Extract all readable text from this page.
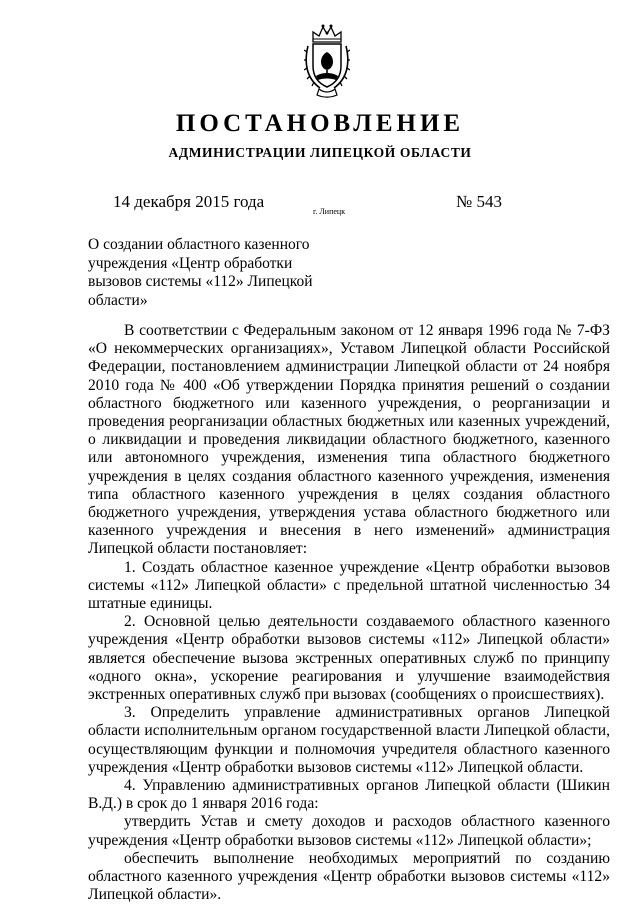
ПОСТАНОВЛЕНИЕ
АДМИНИСТРАЦИИ ЛИПЕЦКОЙ ОБЛАСТИ
14 декабря 2015 года
г. Липецк
№ 543
О создании областного казенного учреждения «Центр обработки вызовов системы «112» Липецкой области»

В соответствии с Федеральным законом от 12 января 1996 года № 7-ФЗ «О некоммерческих организациях», Уставом Липецкой области Российской Федерации, постановлением администрации Липецкой области от 24 ноября 2010 года № 400 «Об утверждении Порядка принятия решений о создании областного бюджетного или казенного учреждения, о реорганизации и проведения реорганизации областных бюджетных или казенных учреждений, о ликвидации и проведения ликвидации областного бюджетного, казенного или автономного учреждения, изменения типа областного бюджетного учреждения в целях создания областного казенного учреждения, изменения типа областного казенного учреждения в целях создания областного бюджетного учреждения, утверждения устава областного бюджетного или казенного учреждения и внесения в него изменений» администрация Липецкой области постановляет:

1. Создать областное казенное учреждение «Центр обработки вызовов системы «112» Липецкой области» с предельной штатной численностью 34 штатные единицы.

2. Основной целью деятельности создаваемого областного казенного учреждения «Центр обработки вызовов системы «112» Липецкой области» является обеспечение вызова экстренных оперативных служб по принципу «одного окна», ускорение реагирования и улучшение взаимодействия экстренных оперативных служб при вызовах (сообщениях о происшествиях).

3. Определить управление административных органов Липецкой области исполнительным органом государственной власти Липецкой области, осуществляющим функции и полномочия учредителя областного казенного учреждения «Центр обработки вызовов системы «112» Липецкой области.

4. Управлению административных органов Липецкой области (Шикин В.Д.) в срок до 1 января 2016 года:

утвердить Устав и смету доходов и расходов областного казенного учреждения «Центр обработки вызовов системы «112» Липецкой области»;

обеспечить выполнение необходимых мероприятий по созданию областного казенного учреждения «Центр обработки вызовов системы «112» Липецкой области».
